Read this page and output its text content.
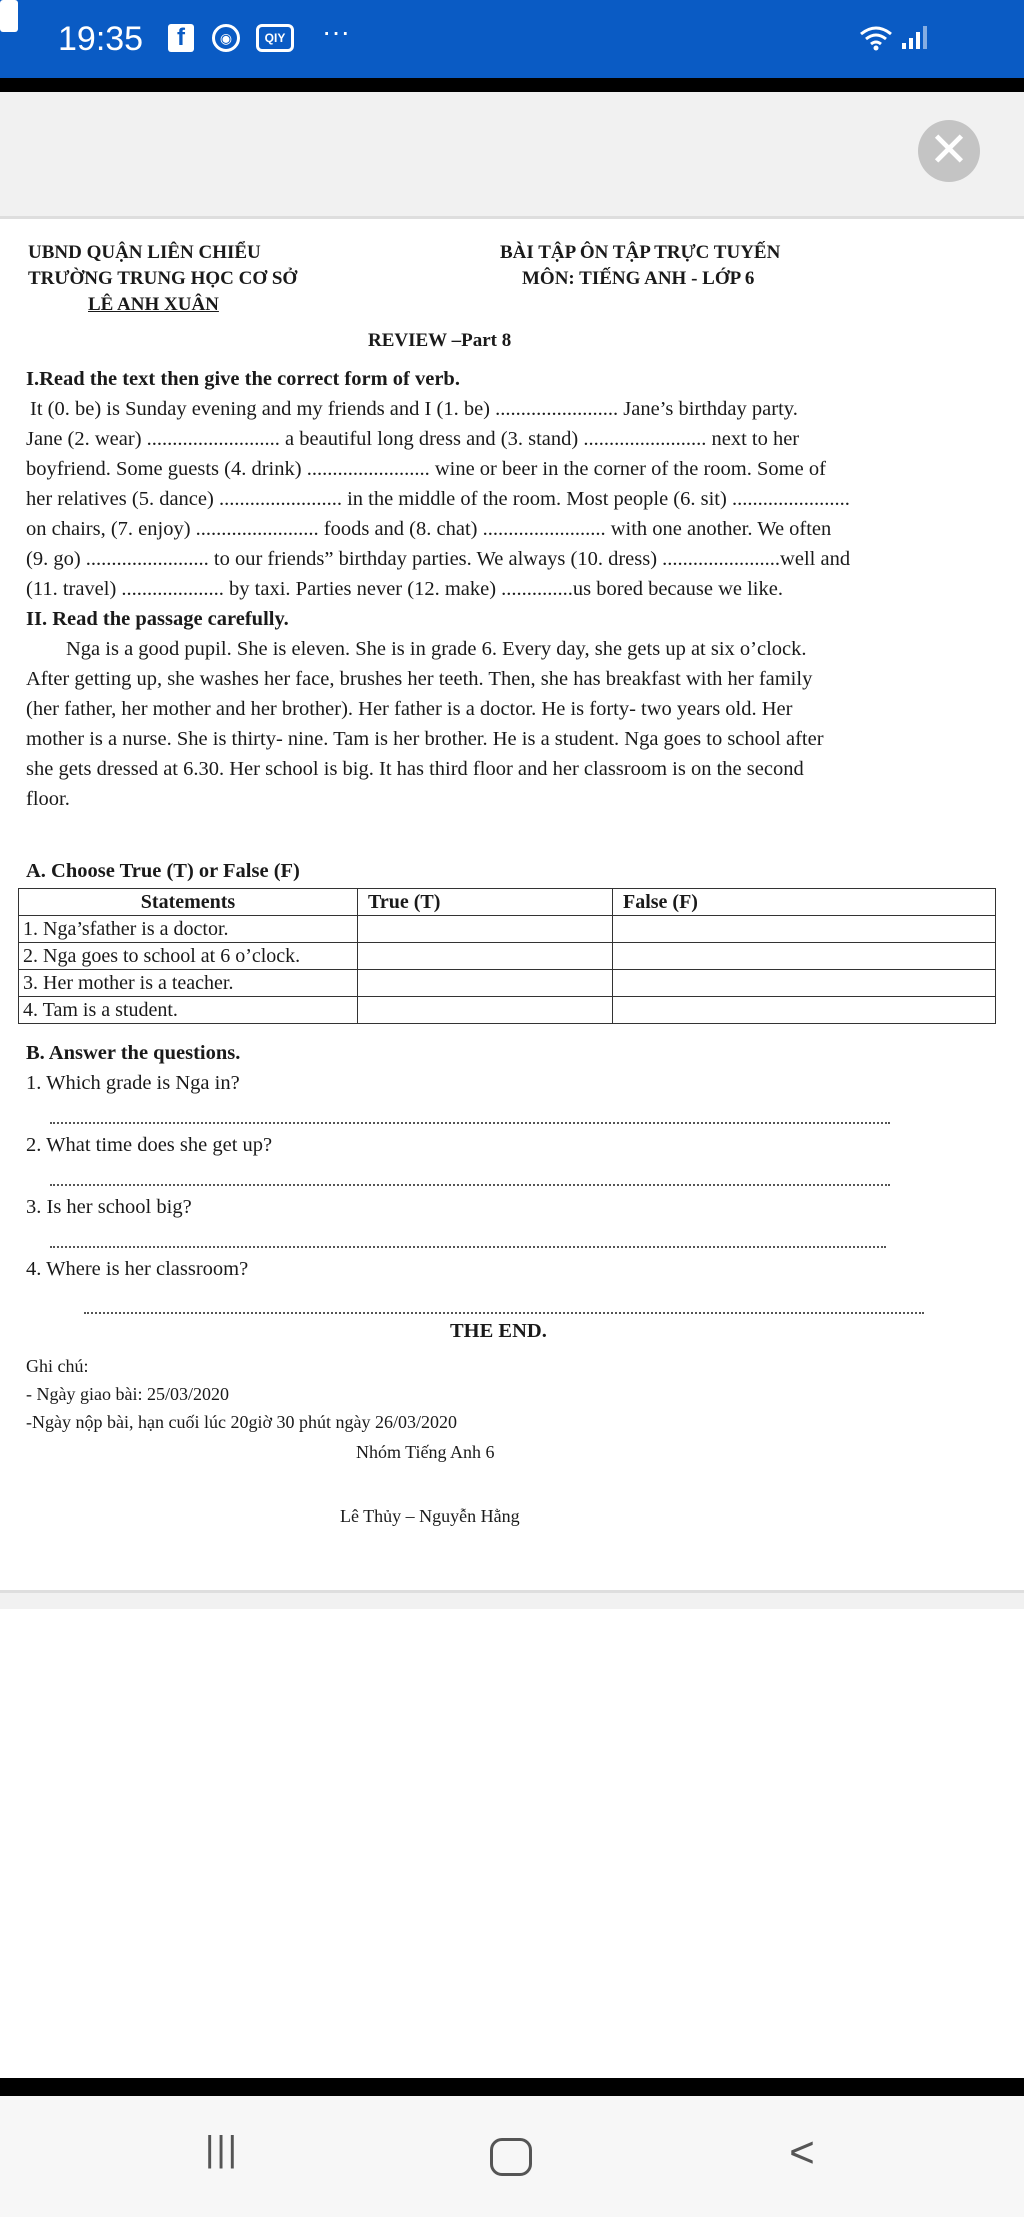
19:35	f	◉	QIY	···
✕
UBND QUẬN LIÊN CHIỂU
TRƯỜNG TRUNG HỌC CƠ SỞ
LÊ ANH XUÂN
BÀI TẬP ÔN TẬP TRỰC TUYẾN
MÔN: TIẾNG ANH - LỚP 6
REVIEW –Part 8
I.Read the text then give the correct form of verb.
It (0. be) is Sunday evening and my friends and I (1. be) ........................ Jane’s birthday party.
Jane (2. wear) .......................... a beautiful long dress and (3. stand) ........................ next to her
boyfriend. Some guests (4. drink) ........................ wine or beer in the corner of the room. Some of
her relatives (5. dance) ........................ in the middle of the room. Most people (6. sit) .......................
on chairs, (7. enjoy) ........................ foods and (8. chat) ........................ with one another. We often
(9. go) ........................ to our friends” birthday parties. We always (10. dress) .......................well and
(11. travel) .................... by taxi. Parties never (12. make) ..............us bored because we like.
II. Read the passage carefully.
Nga is a good pupil. She is eleven. She is in grade 6. Every day, she gets up at six o’clock.
After getting up, she washes her face, brushes her teeth. Then, she has breakfast with her family
(her father, her mother and her brother). Her father is a doctor. He is forty- two years old. Her
mother is a nurse. She is thirty- nine. Tam is her brother. He is a student. Nga goes to school after
she gets dressed at 6.30. Her school is big. It has third floor and her classroom is on the second
floor.
A. Choose True (T) or False (F)
Statements	True (T)	False (F)
1. Nga’sfather is a doctor.		
2. Nga goes to school at 6 o’clock.		
3. Her mother is a teacher.		
4. Tam is a student.		
B. Answer the questions.
1. Which grade is Nga in?
2. What time does she get up?
3. Is her school big?
4. Where is her classroom?
THE END.
Ghi chú:
- Ngày giao bài: 25/03/2020
-Ngày nộp bài, hạn cuối lúc 20giờ 30 phút ngày 26/03/2020
Nhóm Tiếng Anh 6
Lê Thủy – Nguyễn Hằng
|||	<
